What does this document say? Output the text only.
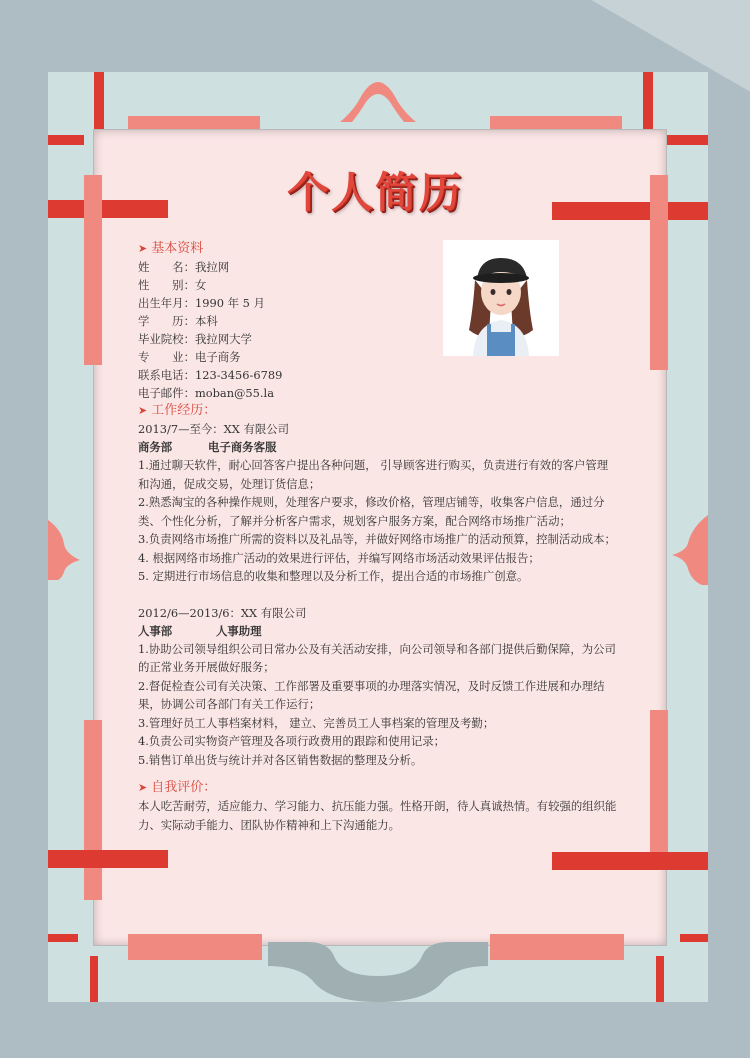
个人简历
➤ 基本资料
姓　　名：我拉网
性　　别：女
出生年月：1990 年 5 月
学　　历：本科
毕业院校：我拉网大学
专　　业：电子商务
联系电话：123-3456-6789
电子邮件：moban@55.la
➤ 工作经历：
2013/7—至今：XX 有限公司
商务部	电子商务客服
1.通过聊天软件，耐心回答客户提出各种问题， 引导顾客进行购买，负责进行有效的客户管理和沟通，促成交易，处理订货信息；
2.熟悉淘宝的各种操作规则，处理客户要求，修改价格，管理店铺等，收集客户信息，通过分类、个性化分析，了解并分析客户需求，规划客户服务方案，配合网络市场推广活动；
3.负责网络市场推广所需的资料以及礼品等，并做好网络市场推广的活动预算，控制活动成本；
4. 根据网络市场推广活动的效果进行评估，并编写网络市场活动效果评估报告；
5. 定期进行市场信息的收集和整理以及分析工作，提出合适的市场推广创意。
2012/6—2013/6：XX 有限公司
人事部	人事助理
1.协助公司领导组织公司日常办公及有关活动安排，向公司领导和各部门提供后勤保障，为公司的正常业务开展做好服务；
2.督促检查公司有关决策、工作部署及重要事项的办理落实情况，及时反馈工作进展和办理结果，协调公司各部门有关工作运行；
3.管理好员工人事档案材料， 建立、完善员工人事档案的管理及考勤；
4.负责公司实物资产管理及各项行政费用的跟踪和使用记录；
5.销售订单出货与统计并对各区销售数据的整理及分析。
➤ 自我评价：
本人吃苦耐劳，适应能力、学习能力、抗压能力强。性格开朗，待人真诚热情。有较强的组织能力、实际动手能力、团队协作精神和上下沟通能力。
